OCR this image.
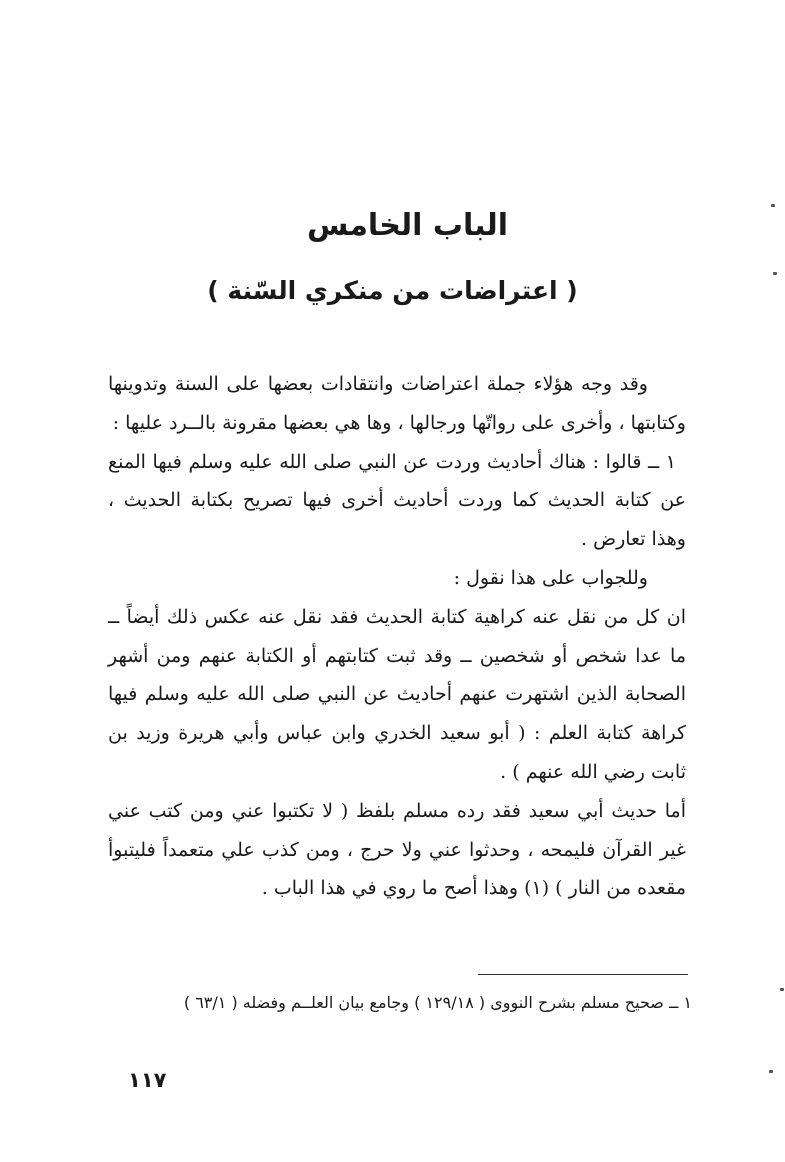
الباب الخامس
( اعتراضات من منكري السّنة )

وقد وجه هؤلاء جملة اعتراضات وانتقادات بعضها على السنة وتدوينها وكتابتها ، وأخرى على رواتّها ورجالها ، وها هي بعضها مقرونة بالــرد عليها :

١ ــ قالوا : هناك أحاديث وردت عن النبي صلى الله عليه وسلم فيها المنع عن كتابة الحديث كما وردت أحاديث أخرى فيها تصريح بكتابة الحديث ، وهذا تعارض .

وللجواب على هذا نقول :

ان كل من نقل عنه كراهية كتابة الحديث فقد نقل عنه عكس ذلك أيضاً ــ ما عدا شخص أو شخصين ــ وقد ثبت كتابتهم أو الكتابة عنهم ومن أشهر الصحابة الذين اشتهرت عنهم أحاديث عن النبي صلى الله عليه وسلم فيها كراهة كتابة العلم : ( أبو سعيد الخدري وابن عباس وأبي هريرة وزيد بن ثابت رضي الله عنهم ) .

أما حديث أبي سعيد فقد رده مسلم بلفظ ( لا تكتبوا عني ومن كتب عني غير القرآن فليمحه ، وحدثوا عني ولا حرج ، ومن كذب علي متعمداً فليتبوأ مقعده من النار ) (١) وهذا أصح ما روي في هذا الباب .

١ ــ صحيح مسلم بشرح النووى ( ١٢٩/١٨ ) وجامع بيان العلــم وفضله ( ٦٣/١ )

١١٧
